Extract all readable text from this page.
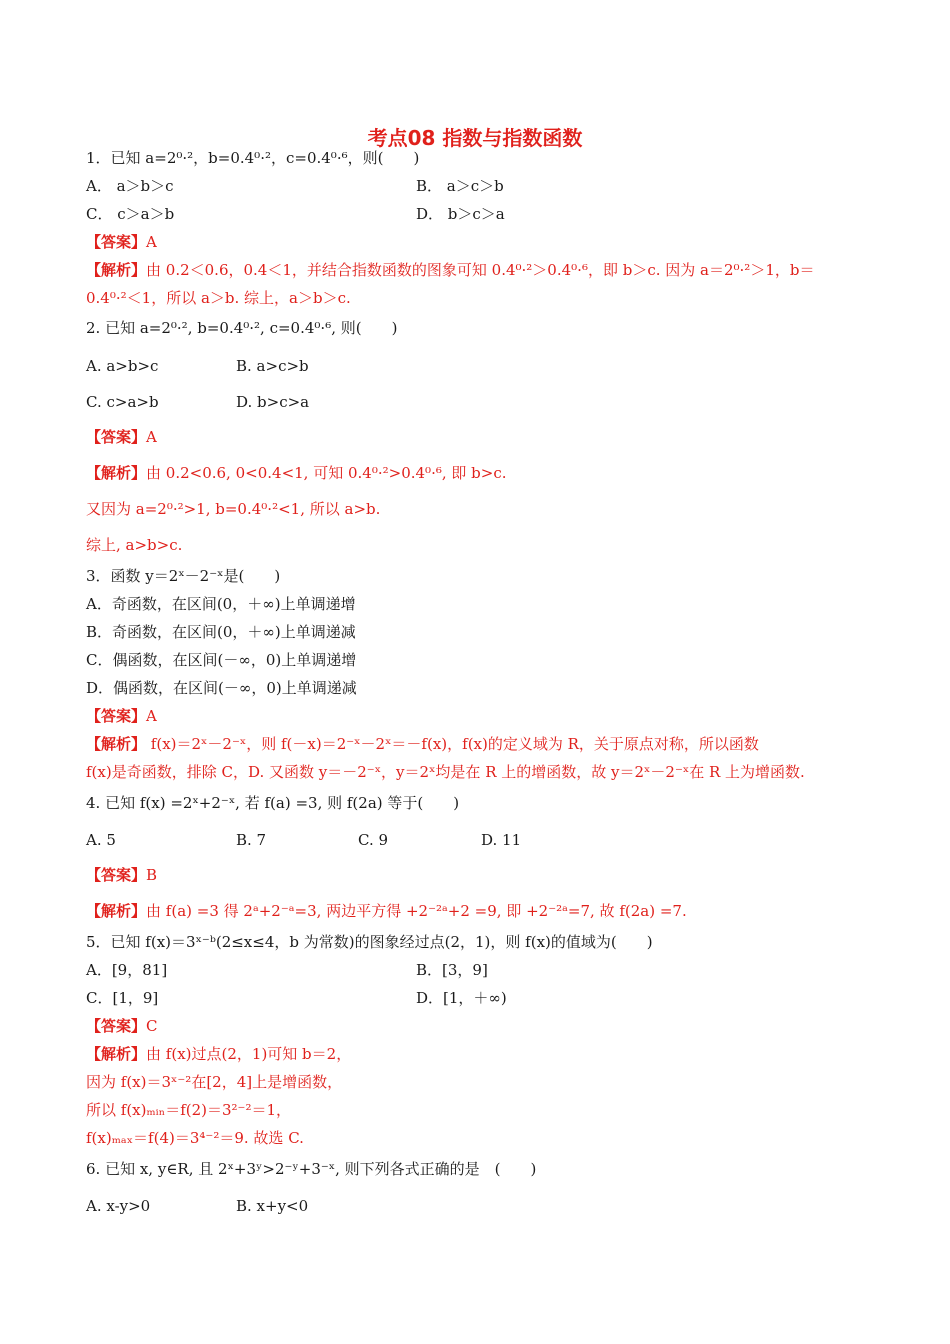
考点08 指数与指数函数
1．已知 a=2⁰·²，b=0.4⁰·²，c=0.4⁰·⁶，则(　　)
A． a＞b＞c	B． a＞c＞b
C． c＞a＞b	D． b＞c＞a
【答案】A
【解析】由 0.2＜0.6，0.4＜1，并结合指数函数的图象可知 0.4⁰·²＞0.4⁰·⁶，即 b＞c. 因为 a＝2⁰·²＞1，b＝
0.4⁰·²＜1，所以 a＞b. 综上，a＞b＞c.
2. 已知 a=2⁰·², b=0.4⁰·², c=0.4⁰·⁶, 则(　　)
A. a>b>c	B. a>c>b
C. c>a>b	D. b>c>a
【答案】A
【解析】由 0.2<0.6, 0<0.4<1, 可知 0.4⁰·²>0.4⁰·⁶, 即 b>c.
又因为 a=2⁰·²>1, b=0.4⁰·²<1, 所以 a>b.
综上, a>b>c.
3．函数 y＝2ˣ－2⁻ˣ是(　　)
A．奇函数，在区间(0，＋∞)上单调递增
B．奇函数，在区间(0，＋∞)上单调递减
C．偶函数，在区间(－∞，0)上单调递增
D．偶函数，在区间(－∞，0)上单调递减
【答案】A
【解析】 f(x)＝2ˣ－2⁻ˣ，则 f(－x)＝2⁻ˣ－2ˣ＝－f(x)，f(x)的定义域为 R，关于原点对称，所以函数
f(x)是奇函数，排除 C，D. 又函数 y＝－2⁻ˣ，y＝2ˣ均是在 R 上的增函数，故 y＝2ˣ－2⁻ˣ在 R 上为增函数.
4. 已知 f(x) =2ˣ+2⁻ˣ, 若 f(a) =3, 则 f(2a) 等于(　　)
A. 5	B. 7	C. 9	D. 11
【答案】B
【解析】由 f(a) =3 得 2ᵃ+2⁻ᵃ=3, 两边平方得 +2⁻²ᵃ+2 =9, 即 +2⁻²ᵃ=7, 故 f(2a) =7.
5．已知 f(x)＝3ˣ⁻ᵇ(2≤x≤4，b 为常数)的图象经过点(2，1)，则 f(x)的值域为(　　)
A．[9，81]	B．[3，9]
C．[1，9]	D．[1，＋∞)
【答案】C
【解析】由 f(x)过点(2，1)可知 b＝2，
因为 f(x)＝3ˣ⁻²在[2，4]上是增函数，
所以 f(x)ₘᵢₙ＝f(2)＝3²⁻²＝1，
f(x)ₘₐₓ＝f(4)＝3⁴⁻²＝9. 故选 C.
6. 已知 x, y∈R, 且 2ˣ+3ʸ>2⁻ʸ+3⁻ˣ, 则下列各式正确的是　(　　)
A. x-y>0	B. x+y<0
